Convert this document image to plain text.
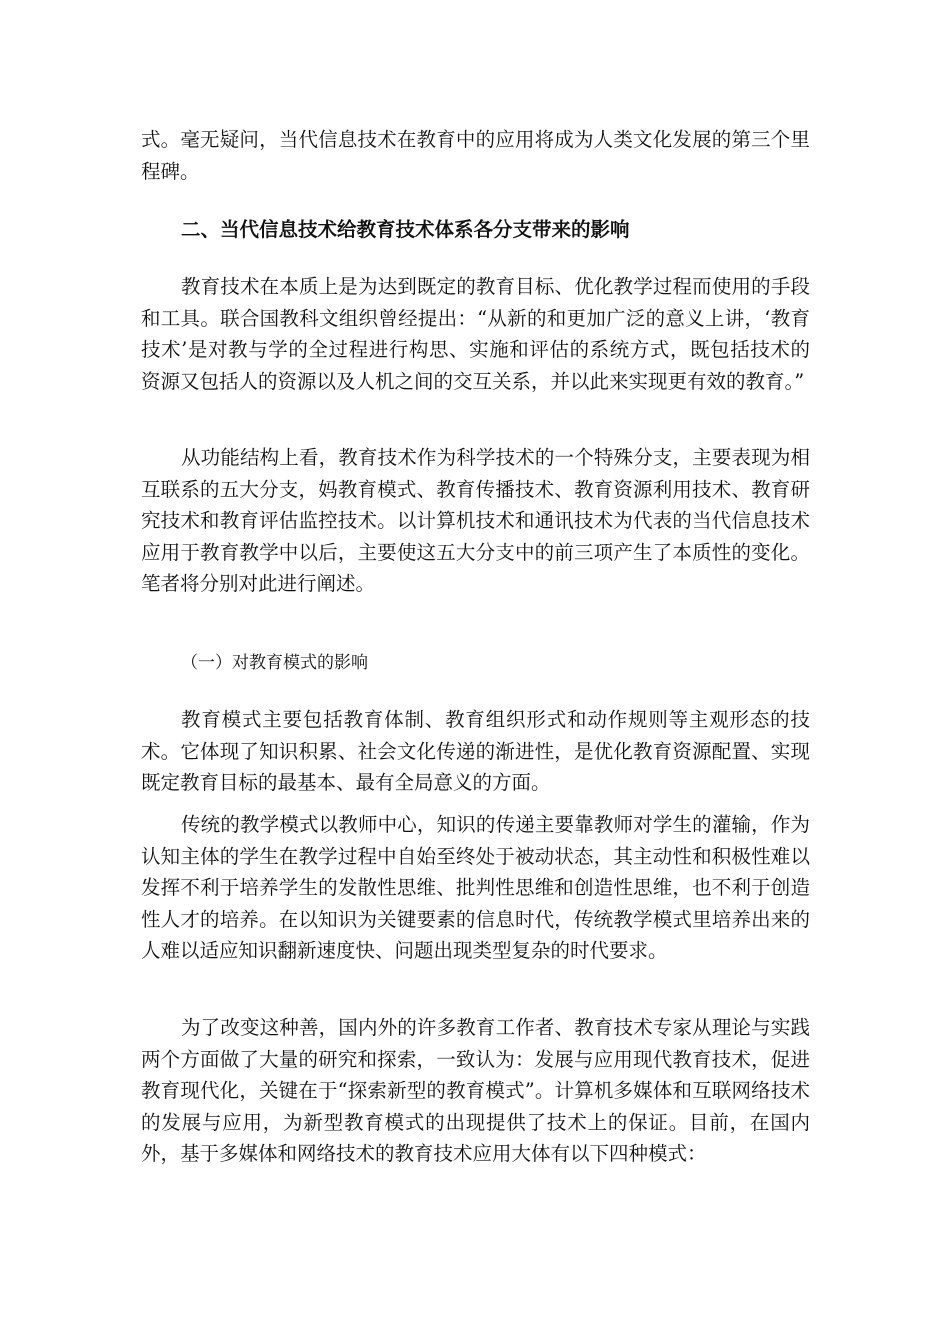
式。毫无疑问，当代信息技术在教育中的应用将成为人类文化发展的第三个里程碑。

二、当代信息技术给教育技术体系各分支带来的影响

教育技术在本质上是为达到既定的教育目标、优化教学过程而使用的手段和工具。联合国教科文组织曾经提出：“从新的和更加广泛的意义上讲，‘教育技术’是对教与学的全过程进行构思、实施和评估的系统方式，既包括技术的资源又包括人的资源以及人机之间的交互关系，并以此来实现更有效的教育。”

从功能结构上看，教育技术作为科学技术的一个特殊分支，主要表现为相互联系的五大分支，妈教育模式、教育传播技术、教育资源利用技术、教育研究技术和教育评估监控技术。以计算机技术和通讯技术为代表的当代信息技术应用于教育教学中以后，主要使这五大分支中的前三项产生了本质性的变化。笔者将分别对此进行阐述。

（一）对教育模式的影响

教育模式主要包括教育体制、教育组织形式和动作规则等主观形态的技术。它体现了知识积累、社会文化传递的渐进性，是优化教育资源配置、实现既定教育目标的最基本、最有全局意义的方面。

传统的教学模式以教师中心，知识的传递主要靠教师对学生的灌输，作为认知主体的学生在教学过程中自始至终处于被动状态，其主动性和积极性难以发挥不利于培养学生的发散性思维、批判性思维和创造性思维，也不利于创造性人才的培养。在以知识为关键要素的信息时代，传统教学模式里培养出来的人难以适应知识翻新速度快、问题出现类型复杂的时代要求。

为了改变这种善，国内外的许多教育工作者、教育技术专家从理论与实践两个方面做了大量的研究和探索，一致认为：发展与应用现代教育技术，促进教育现代化，关键在于“探索新型的教育模式”。计算机多媒体和互联网络技术的发展与应用，为新型教育模式的出现提供了技术上的保证。目前，在国内外，基于多媒体和网络技术的教育技术应用大体有以下四种模式：
